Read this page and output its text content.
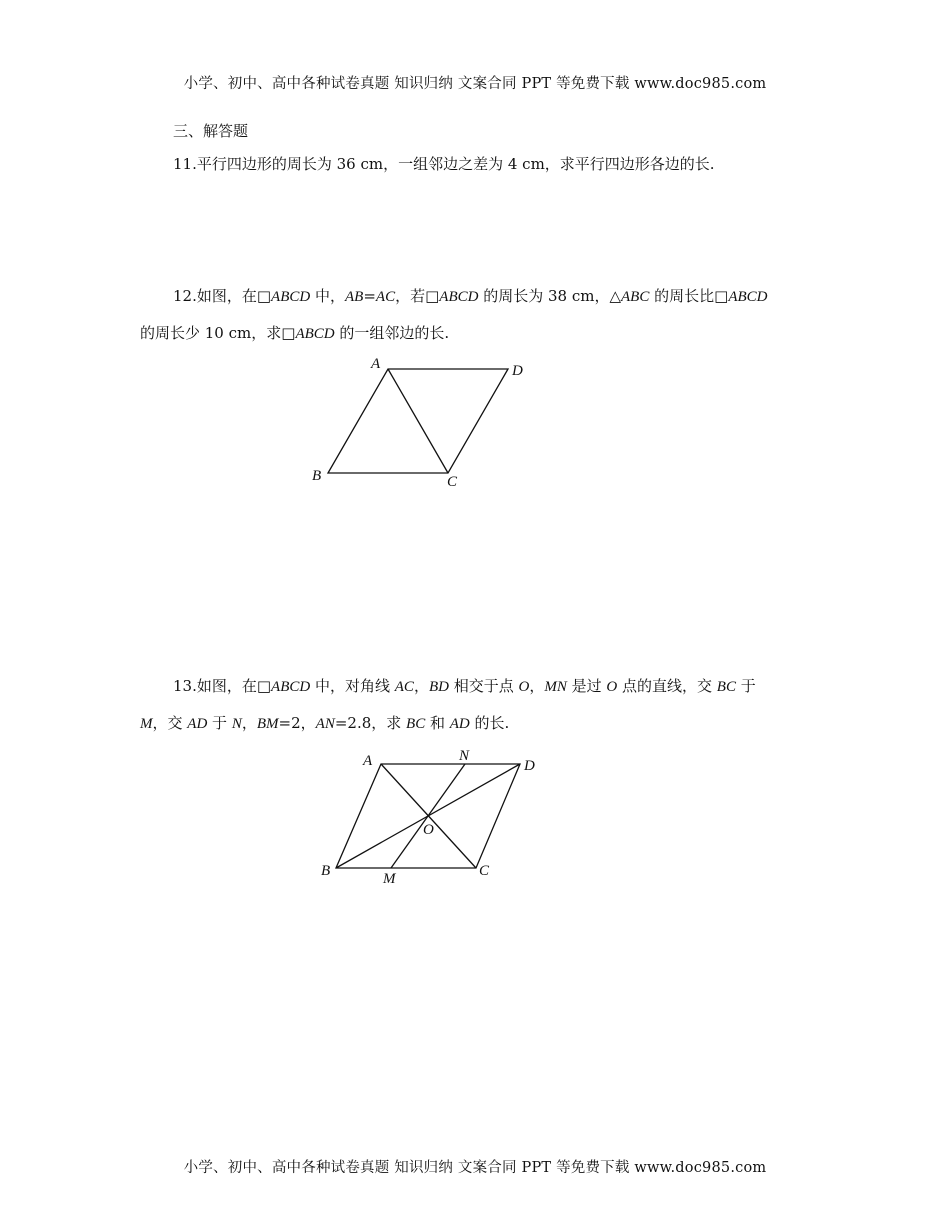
小学、初中、高中各种试卷真题 知识归纳 文案合同 PPT 等免费下载 www.doc985.com
三、解答题
11.平行四边形的周长为 36 cm，一组邻边之差为 4 cm，求平行四边形各边的长.
12.如图，在□ABCD 中，AB=AC，若□ABCD 的周长为 38 cm，△ABC 的周长比□ABCD
的周长少 10 cm，求□ABCD 的一组邻边的长.
A	D
B	C
13.如图，在□ABCD 中，对角线 AC，BD 相交于点 O，MN 是过 O 点的直线，交 BC 于
M，交 AD 于 N，BM=2，AN=2.8，求 BC 和 AD 的长.
A	N
D
O
B	M	C
小学、初中、高中各种试卷真题 知识归纳 文案合同 PPT 等免费下载 www.doc985.com
